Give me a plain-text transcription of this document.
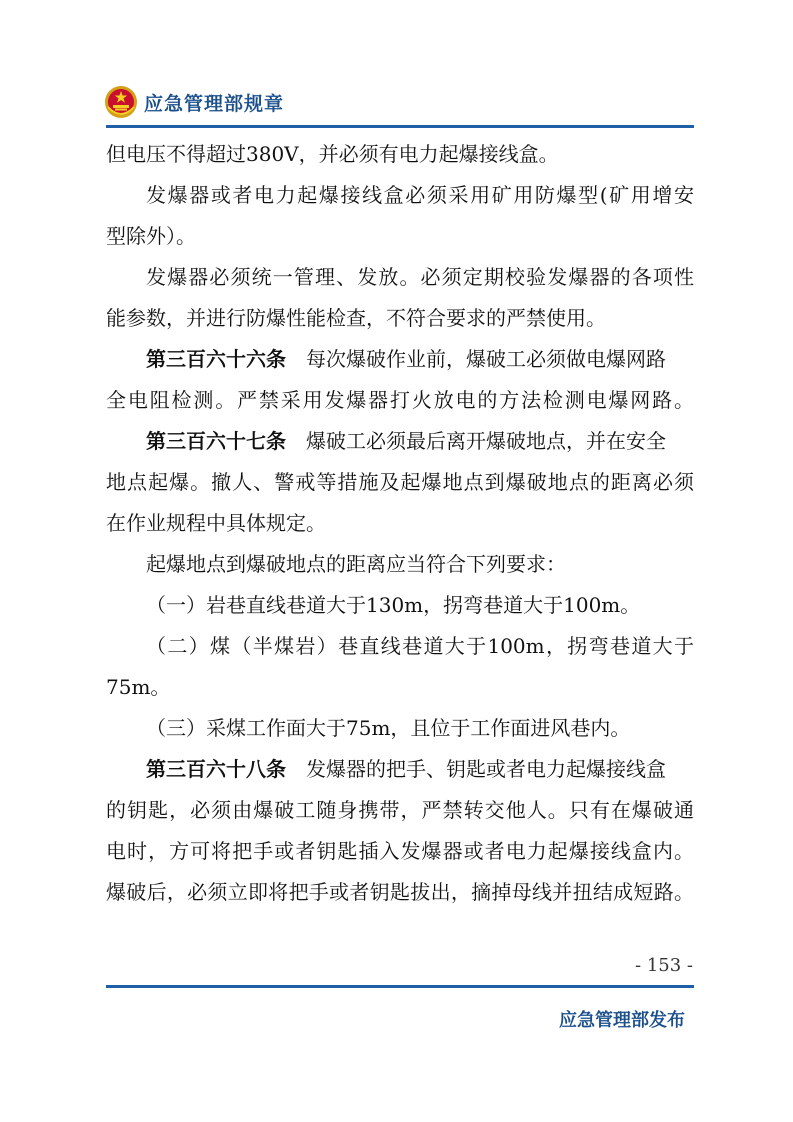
应急管理部规章
但电压不得超过380V，并必须有电力起爆接线盒。
发爆器或者电力起爆接线盒必须采用矿用防爆型(矿用增安
型除外）。
发爆器必须统一管理、发放。必须定期校验发爆器的各项性
能参数，并进行防爆性能检查，不符合要求的严禁使用。
第三百六十六条 每次爆破作业前，爆破工必须做电爆网路
全电阻检测。严禁采用发爆器打火放电的方法检测电爆网路。
第三百六十七条 爆破工必须最后离开爆破地点，并在安全
地点起爆。撤人、警戒等措施及起爆地点到爆破地点的距离必须
在作业规程中具体规定。
起爆地点到爆破地点的距离应当符合下列要求：
（一）岩巷直线巷道大于130m，拐弯巷道大于100m。
（二）煤（半煤岩）巷直线巷道大于100m，拐弯巷道大于
75m。
（三）采煤工作面大于75m，且位于工作面进风巷内。
第三百六十八条 发爆器的把手、钥匙或者电力起爆接线盒
的钥匙，必须由爆破工随身携带，严禁转交他人。只有在爆破通
电时，方可将把手或者钥匙插入发爆器或者电力起爆接线盒内。
爆破后，必须立即将把手或者钥匙拔出，摘掉母线并扭结成短路。
- 153 -
应急管理部发布
